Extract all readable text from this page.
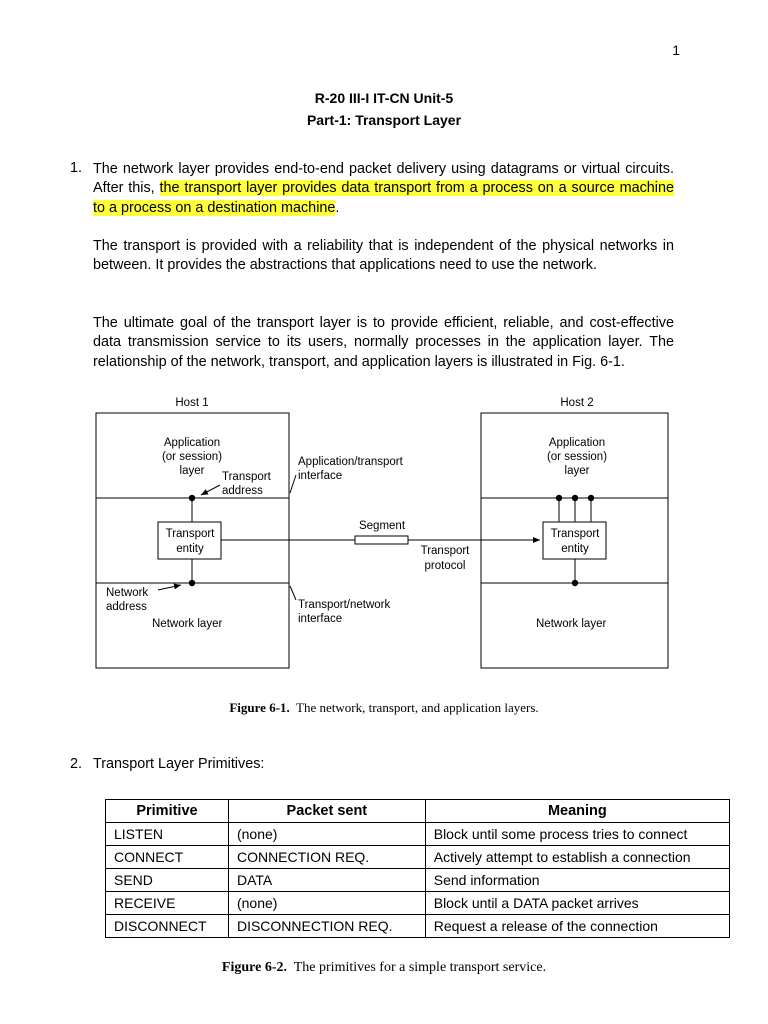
1
R-20 III-I IT-CN Unit-5
Part-1: Transport Layer
1. The network layer provides end-to-end packet delivery using datagrams or virtual circuits. After this, the transport layer provides data transport from a process on a source machine to a process on a destination machine.
The transport is provided with a reliability that is independent of the physical networks in between. It provides the abstractions that applications need to use the network.
The ultimate goal of the transport layer is to provide efficient, reliable, and cost-effective data transmission service to its users, normally processes in the application layer. The relationship of the network, transport, and application layers is illustrated in Fig. 6-1.
Host 1	Host 2
Application
(or session)
layer
Application
(or session)
layer
Transport
address
Application/transport
interface
Transport
entity
Transport
entity
Segment
Transport
protocol
Network
address
Network layer	Network layer
Transport/network
interface
Figure 6-1. The network, transport, and application layers.
2. Transport Layer Primitives:
Primitive	Packet sent	Meaning
LISTEN	(none)	Block until some process tries to connect
CONNECT	CONNECTION REQ.	Actively attempt to establish a connection
SEND	DATA	Send information
RECEIVE	(none)	Block until a DATA packet arrives
DISCONNECT	DISCONNECTION REQ.	Request a release of the connection
Figure 6-2. The primitives for a simple transport service.
